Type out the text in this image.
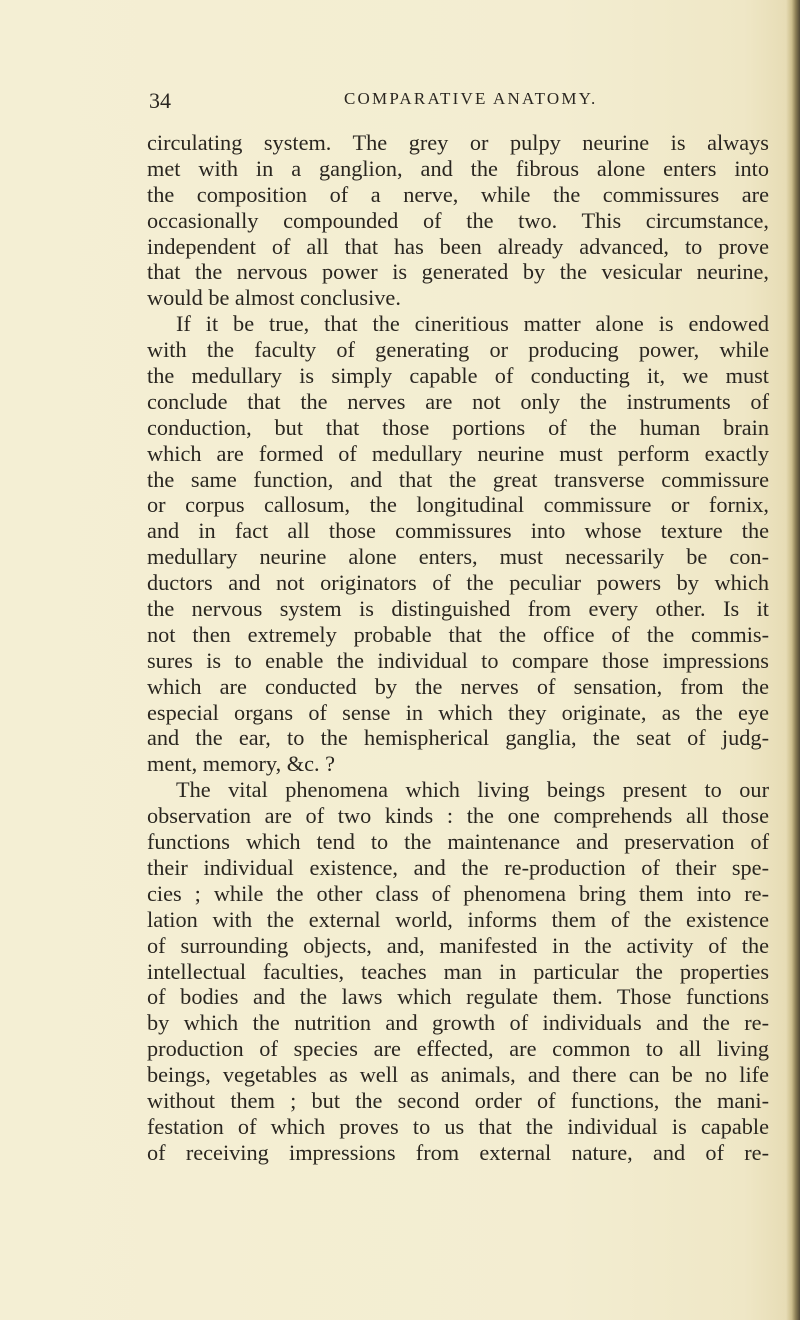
34	COMPARATIVE ANATOMY.
circulating system. The grey or pulpy neurine is always
met with in a ganglion, and the fibrous alone enters into
the composition of a nerve, while the commissures are
occasionally compounded of the two. This circumstance,
independent of all that has been already advanced, to prove
that the nervous power is generated by the vesicular neurine,
would be almost conclusive.
If it be true, that the cineritious matter alone is endowed
with the faculty of generating or producing power, while
the medullary is simply capable of conducting it, we must
conclude that the nerves are not only the instruments of
conduction, but that those portions of the human brain
which are formed of medullary neurine must perform exactly
the same function, and that the great transverse commissure
or corpus callosum, the longitudinal commissure or fornix,
and in fact all those commissures into whose texture the
medullary neurine alone enters, must necessarily be con-
ductors and not originators of the peculiar powers by which
the nervous system is distinguished from every other. Is it
not then extremely probable that the office of the commis-
sures is to enable the individual to compare those impressions
which are conducted by the nerves of sensation, from the
especial organs of sense in which they originate, as the eye
and the ear, to the hemispherical ganglia, the seat of judg-
ment, memory, &c. ?
The vital phenomena which living beings present to our
observation are of two kinds : the one comprehends all those
functions which tend to the maintenance and preservation of
their individual existence, and the re-production of their spe-
cies ; while the other class of phenomena bring them into re-
lation with the external world, informs them of the existence
of surrounding objects, and, manifested in the activity of the
intellectual faculties, teaches man in particular the properties
of bodies and the laws which regulate them. Those functions
by which the nutrition and growth of individuals and the re-
production of species are effected, are common to all living
beings, vegetables as well as animals, and there can be no life
without them ; but the second order of functions, the mani-
festation of which proves to us that the individual is capable
of receiving impressions from external nature, and of re-
